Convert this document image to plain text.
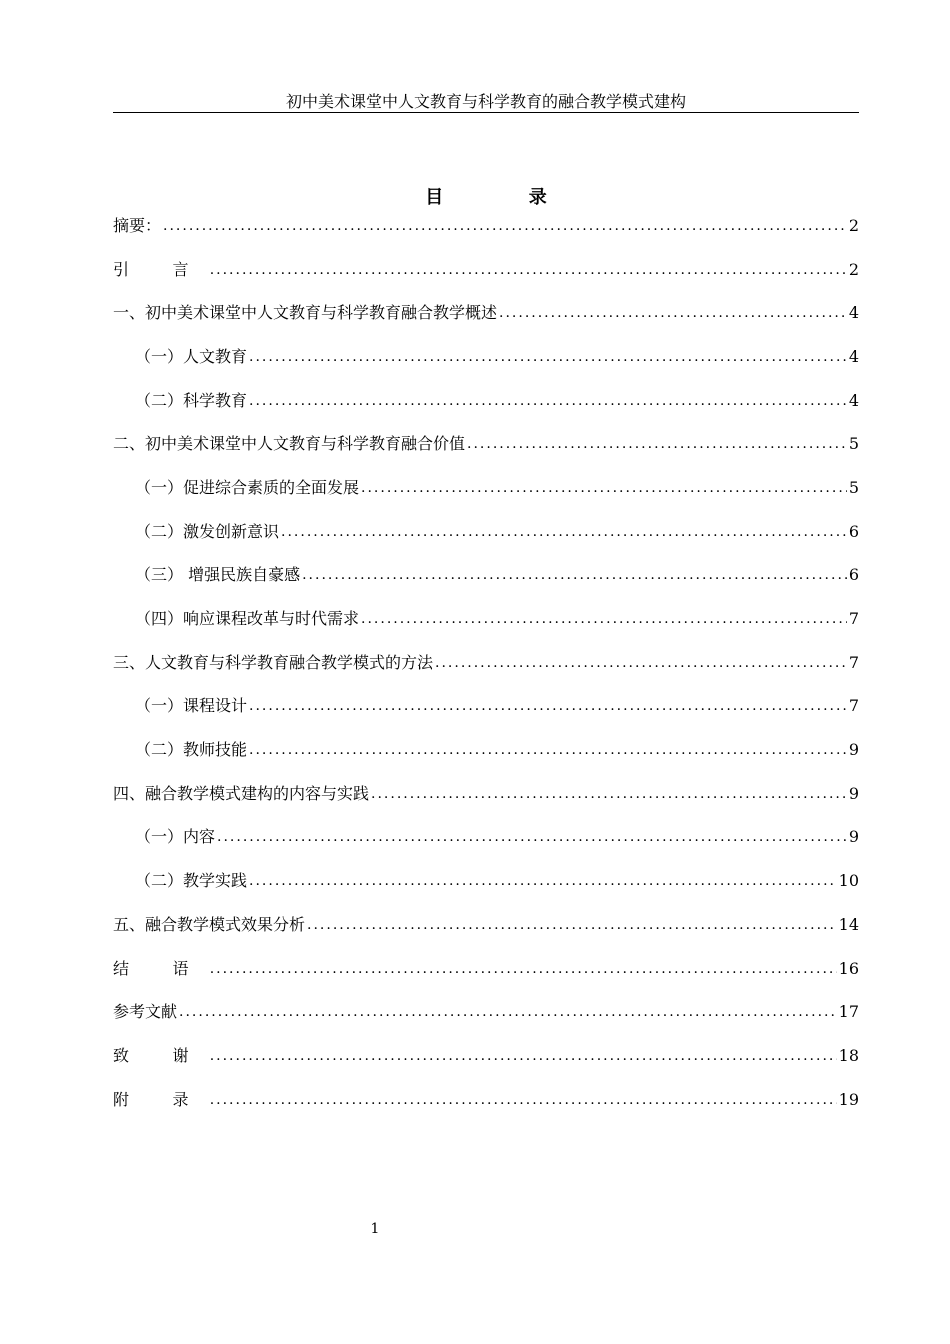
初中美术课堂中人文教育与科学教育的融合教学模式建构
目 录
摘要： .....	2
引 言 .....	2
一、初中美术课堂中人文教育与科学教育融合教学概述 .....	4
（一）人文教育 .....	4
（二）科学教育 .....	4
二、初中美术课堂中人文教育与科学教育融合价值 .....	5
（一）促进综合素质的全面发展 .....	5
（二）激发创新意识 .....	6
（三） 增强民族自豪感 .....	6
（四）响应课程改革与时代需求 .....	7
三、人文教育与科学教育融合教学模式的方法 .....	7
（一）课程设计 .....	7
（二）教师技能 .....	9
四、融合教学模式建构的内容与实践 .....	9
（一）内容 .....	9
（二）教学实践 .....	10
五、融合教学模式效果分析 .....	14
结 语 .....	16
参考文献 .....	17
致 谢 .....	18
附 录 .....	19
1
